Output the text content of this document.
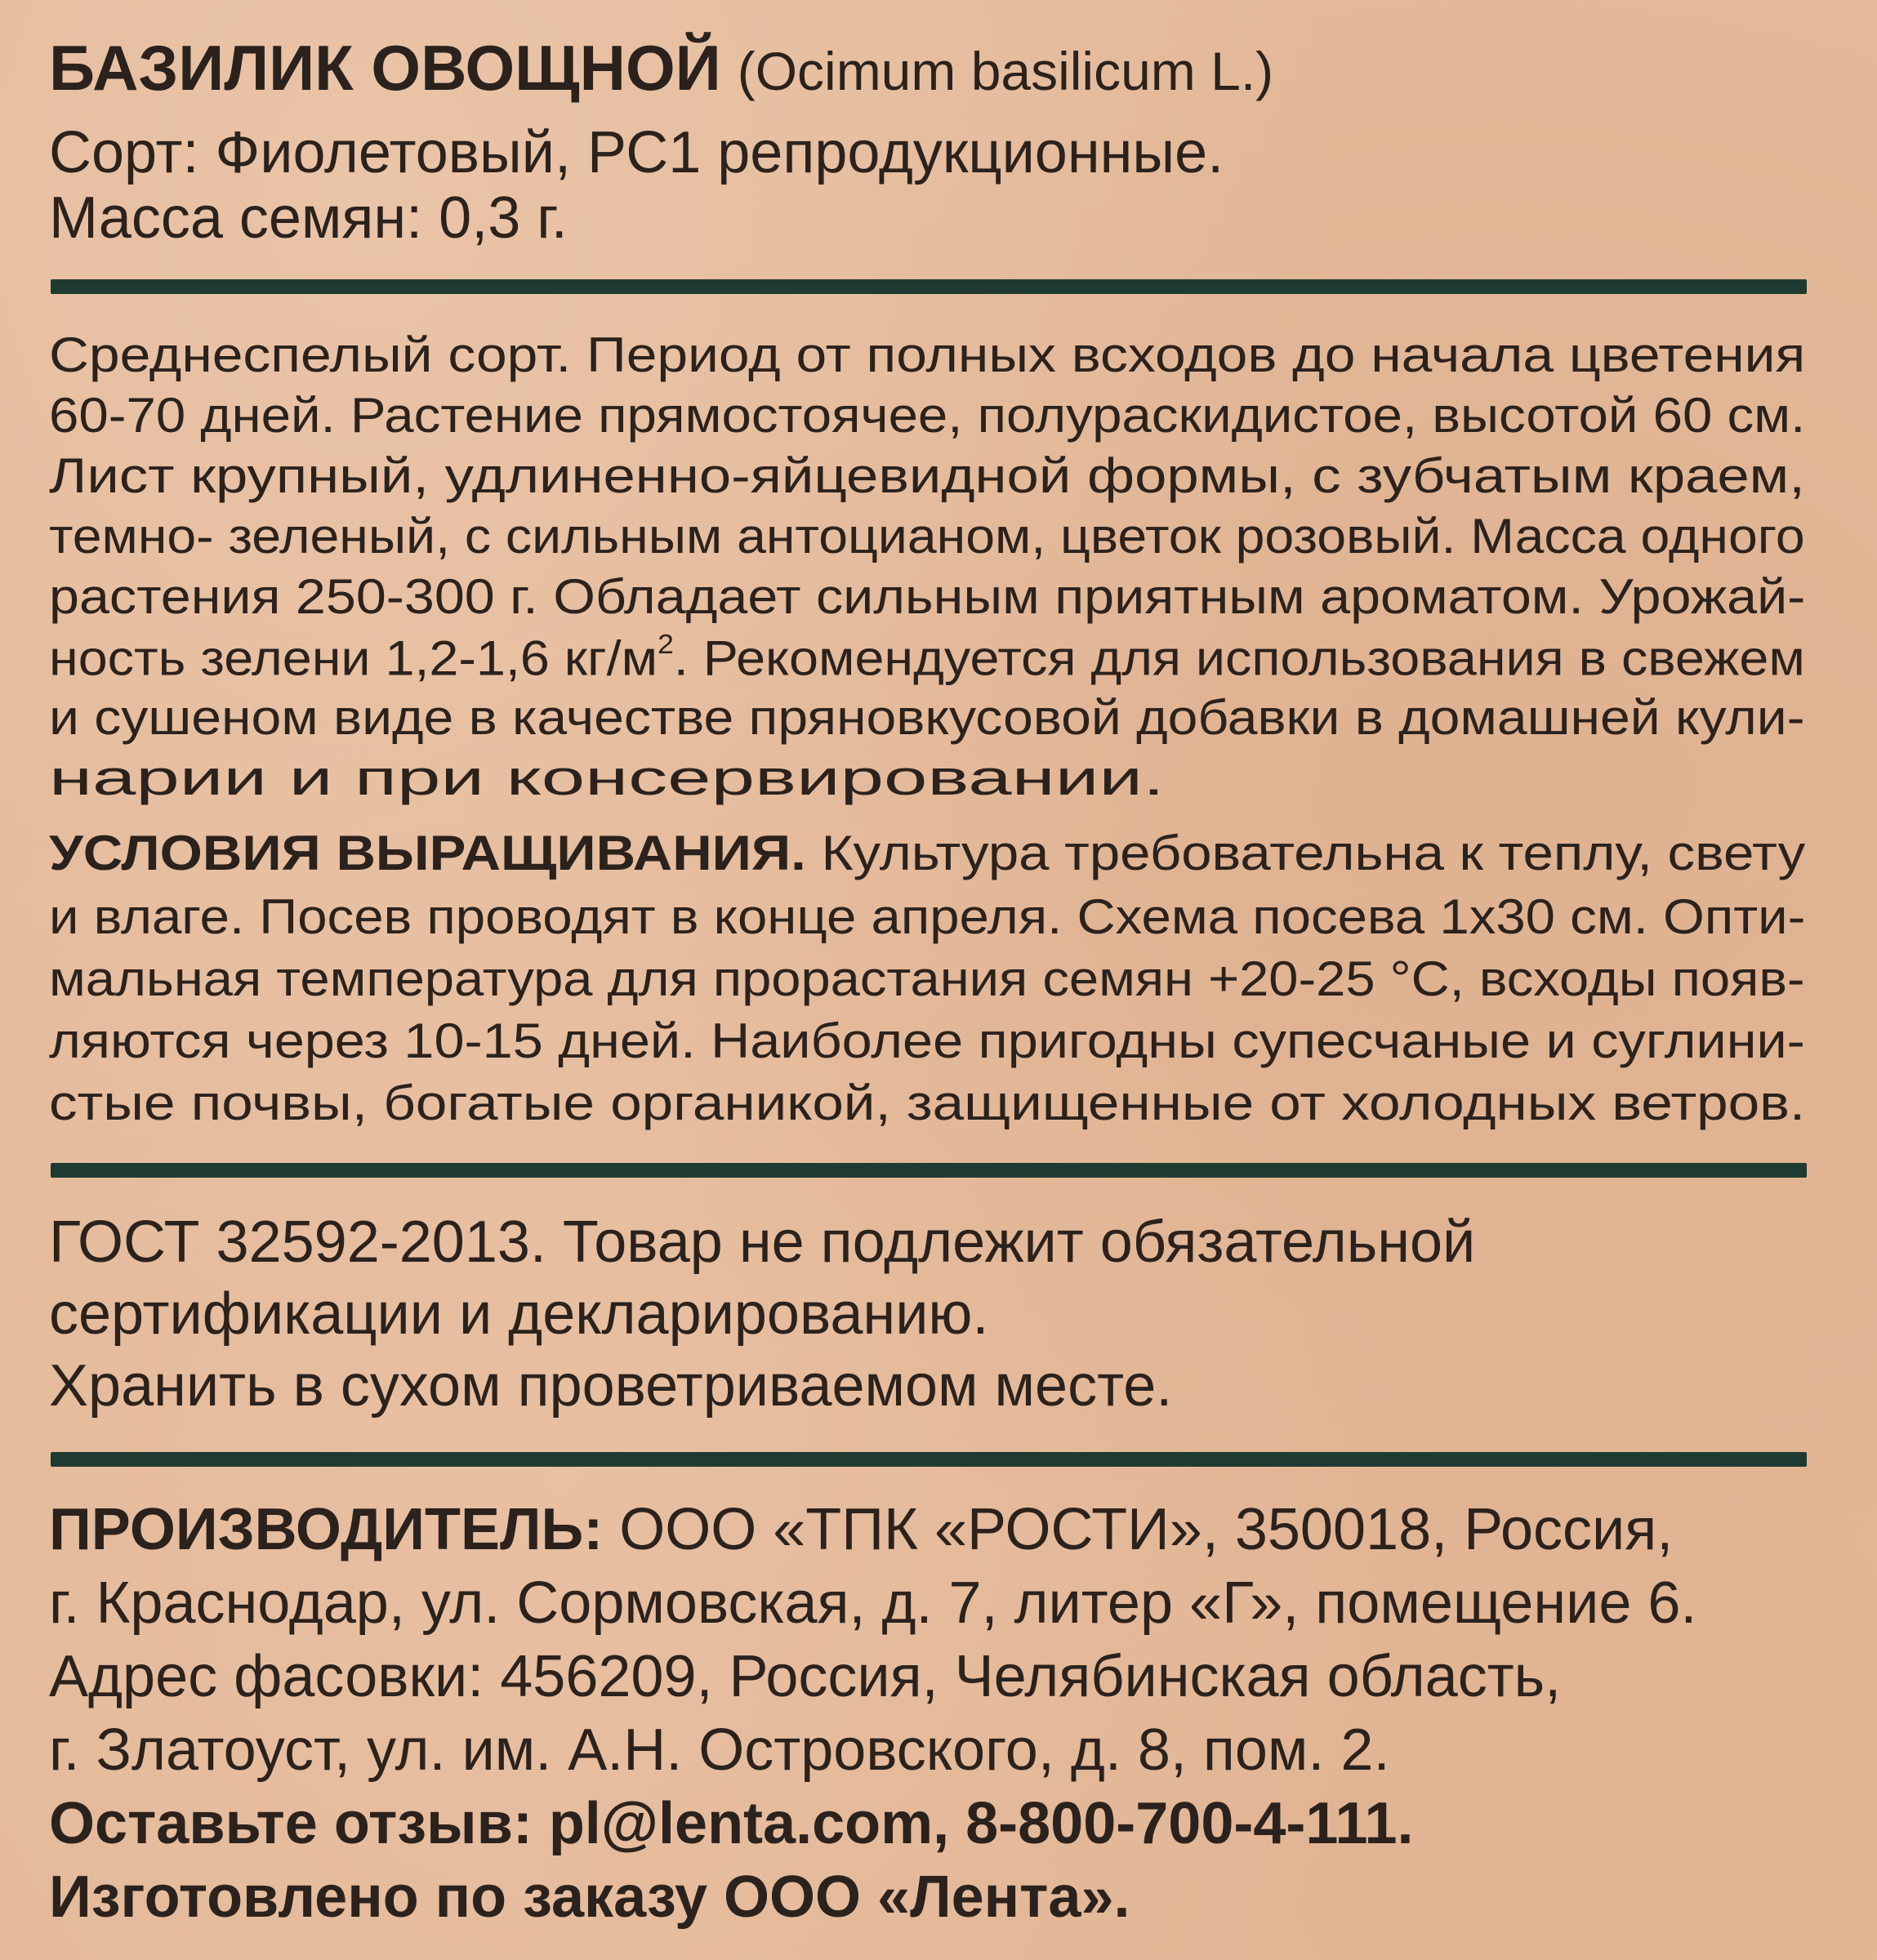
БАЗИЛИК ОВОЩНОЙ (Ocimum basilicum L.)
Сорт: Фиолетовый, РС1 репродукционные.
Масса семян: 0,3 г.
Среднеспелый сорт. Период от полных всходов до начала цветения
60-70 дней. Растение прямостоячее, полураскидистое, высотой 60 см.
Лист крупный, удлиненно-яйцевидной формы, с зубчатым краем,
темно- зеленый, с сильным антоцианом, цветок розовый. Масса одного
растения 250-300 г. Обладает сильным приятным ароматом. Урожай-
ность зелени 1,2-1,6 $кг/м^2$. Рекомендуется для использования в свежем
и сушеном виде в качестве пряновкусовой добавки в домашней кули-
нарии и при консервировании.
УСЛОВИЯ ВЫРАЩИВАНИЯ. Культура требовательна к теплу, свету
и влаге. Посев проводят в конце апреля. Схема посева 1х30 см. Опти-
мальная температура для прорастания семян +20-25 °С, всходы появ-
ляются через 10-15 дней. Наиболее пригодны супесчаные и суглини-
стые почвы, богатые органикой, защищенные от холодных ветров.
ГОСТ 32592-2013. Товар не подлежит обязательной
сертификации и декларированию.
Хранить в сухом проветриваемом месте.
ПРОИЗВОДИТЕЛЬ: ООО «ТПК «РОСТИ», 350018, Россия,
г. Краснодар, ул. Сормовская, д. 7, литер «Г», помещение 6.
Адрес фасовки: 456209, Россия, Челябинская область,
г. Златоуст, ул. им. А.Н. Островского, д. 8, пом. 2.
Оставьте отзыв: pl@lenta.com, 8-800-700-4-111.
Изготовлено по заказу ООО «Лента».
